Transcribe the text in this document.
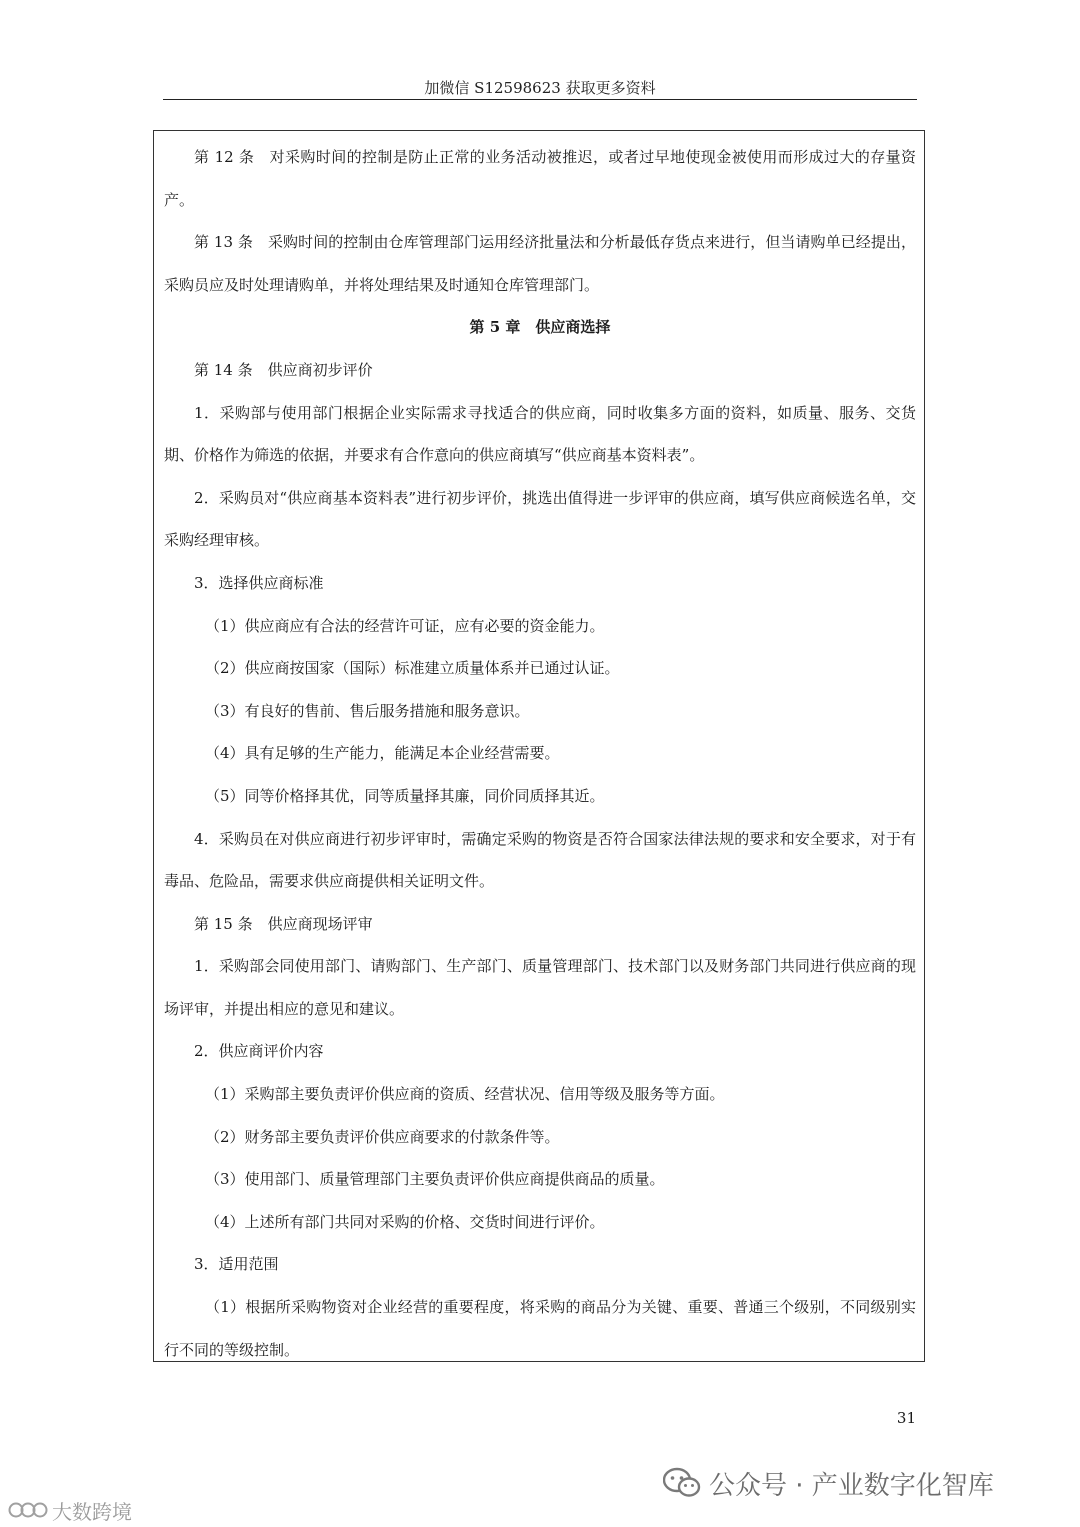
加微信 S12598623 获取更多资料

第 12 条　对采购时间的控制是防止正常的业务活动被推迟，或者过早地使现金被使用而形成过大的存量资产。

第 13 条　采购时间的控制由仓库管理部门运用经济批量法和分析最低存货点来进行，但当请购单已经提出，采购员应及时处理请购单，并将处理结果及时通知仓库管理部门。

第 5 章　供应商选择

第 14 条　供应商初步评价

1．采购部与使用部门根据企业实际需求寻找适合的供应商，同时收集多方面的资料，如质量、服务、交货期、价格作为筛选的依据，并要求有合作意向的供应商填写“供应商基本资料表”。

2．采购员对“供应商基本资料表”进行初步评价，挑选出值得进一步评审的供应商，填写供应商候选名单，交采购经理审核。

3．选择供应商标准

（1）供应商应有合法的经营许可证，应有必要的资金能力。

（2）供应商按国家（国际）标准建立质量体系并已通过认证。

（3）有良好的售前、售后服务措施和服务意识。

（4）具有足够的生产能力，能满足本企业经营需要。

（5）同等价格择其优，同等质量择其廉，同价同质择其近。

4．采购员在对供应商进行初步评审时，需确定采购的物资是否符合国家法律法规的要求和安全要求，对于有毒品、危险品，需要求供应商提供相关证明文件。

第 15 条　供应商现场评审

1．采购部会同使用部门、请购部门、生产部门、质量管理部门、技术部门以及财务部门共同进行供应商的现场评审，并提出相应的意见和建议。

2．供应商评价内容

（1）采购部主要负责评价供应商的资质、经营状况、信用等级及服务等方面。

（2）财务部主要负责评价供应商要求的付款条件等。

（3）使用部门、质量管理部门主要负责评价供应商提供商品的质量。

（4）上述所有部门共同对采购的价格、交货时间进行评价。

3．适用范围

（1）根据所采购物资对企业经营的重要程度，将采购的商品分为关键、重要、普通三个级别，不同级别实行不同的等级控制。

31
公众号 · 产业数字化智库
大数跨境
